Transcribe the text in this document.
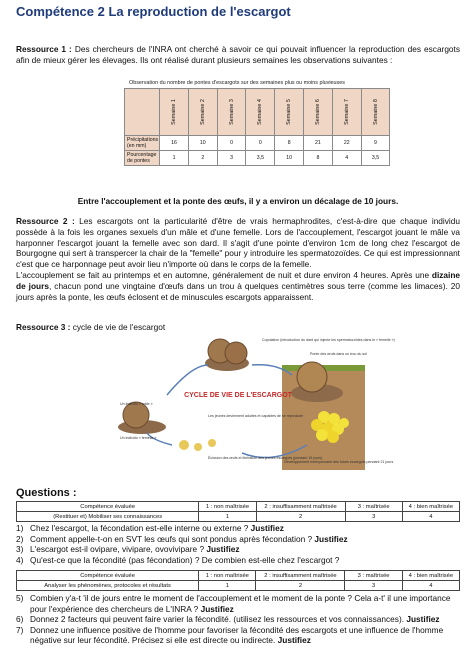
Compétence 2 La reproduction de l'escargot
Ressource 1 : Des chercheurs de l'INRA ont cherché à savoir ce qui pouvait influencer la reproduction des escargots afin de mieux gérer les élevages. Ils ont réalisé durant plusieurs semaines les observations suivantes :
Observation du nombre de pontes d'escargots sur des semaines plus ou moins pluvieuses
	Semaine 1	Semaine 2	Semaine 3	Semaine 4	Semaine 5	Semaine 6	Semaine 7	Semaine 8
Précipitations (en mm)	16	10	0	0	8	21	22	9
Pourcentage de pontes	1	2	3	3,5	10	8	4	3,5
Entre l'accouplement et la ponte des œufs, il y a environ un décalage de 10 jours.
Ressource 2 : Les escargots ont la particularité d'être de vrais hermaphrodites, c'est-à-dire que chaque individu possède à la fois les organes sexuels d'un mâle et d'une femelle. Lors de l'accouplement, l'escargot jouant le mâle va harponner l'escargot jouant la femelle avec son dard. Il s'agit d'une pointe d'environ 1cm de long chez l'escargot de Bourgogne qui sert à transpercer la chair de la "femelle" pour y introduire les spermatozoïdes. Ce qui est impressionnant c'est que ce harponnage peut avoir lieu n'importe où dans le corps de la femelle.
L'accouplement se fait au printemps et en automne, généralement de nuit et dure environ 4 heures. Après une dizaine de jours, chacun pond une vingtaine d'œufs dans un trou à quelques centimètres sous terre (comme les limaces). 20 jours après la ponte, les œufs éclosent et de minuscules escargots apparaissent.
Ressource 3 : cycle de vie de l'escargot
CYCLE DE VIE DE L'ESCARGOT
Copulation (introduction du dard qui injecte les spermatozoïdes dans le « femelle »)
Ponte des œufs dans un trou du sol
Un individu « mâle »
Un individu « femelle »
Les jeunes deviennent adultes et capables de se reproduire
Éclosion des œufs et libération des jeunes escargots (pendant 15 jours)
Développement embryonnaire des futurs escargots pendant 21 jours
Questions :
Compétence évaluée	1 : non maîtrisée	2 : insuffisamment maîtrisée	3 : maîtrisée	4 : bien maîtrisée
(Restituer et) Mobiliser ses connaissances	1	2	3	4
1) Chez l'escargot, la fécondation est-elle interne ou externe ? Justifiez
2) Comment appelle-t-on en SVT les œufs qui sont pondus après fécondation ? Justifiez
3) L'escargot est-il ovipare, vivipare, ovovivipare ? Justifiez
4) Qu'est-ce que la fécondité (pas fécondation) ? De combien est-elle chez l'escargot ?
Compétence évaluée	1 : non maîtrisée	2 : insuffisamment maîtrisée	3 : maîtrisée	4 : bien maîtrisée
Analyser les phénomènes, protocoles et résultats	1	2	3	4
5) Combien y'a-t 'il de jours entre le moment de l'accouplement et le moment de la ponte ? Cela a-t' il une importance pour l'expérience des chercheurs de L'INRA ? Justifiez
6) Donnez 2 facteurs qui peuvent faire varier la fécondité. (utilisez les ressources et vos connaissances). Justifiez
7) Donnez une influence positive de l'homme pour favoriser la fécondité des escargots et une influence de l'homme négative sur leur fécondité. Précisez si elle est directe ou indirecte. Justifiez
